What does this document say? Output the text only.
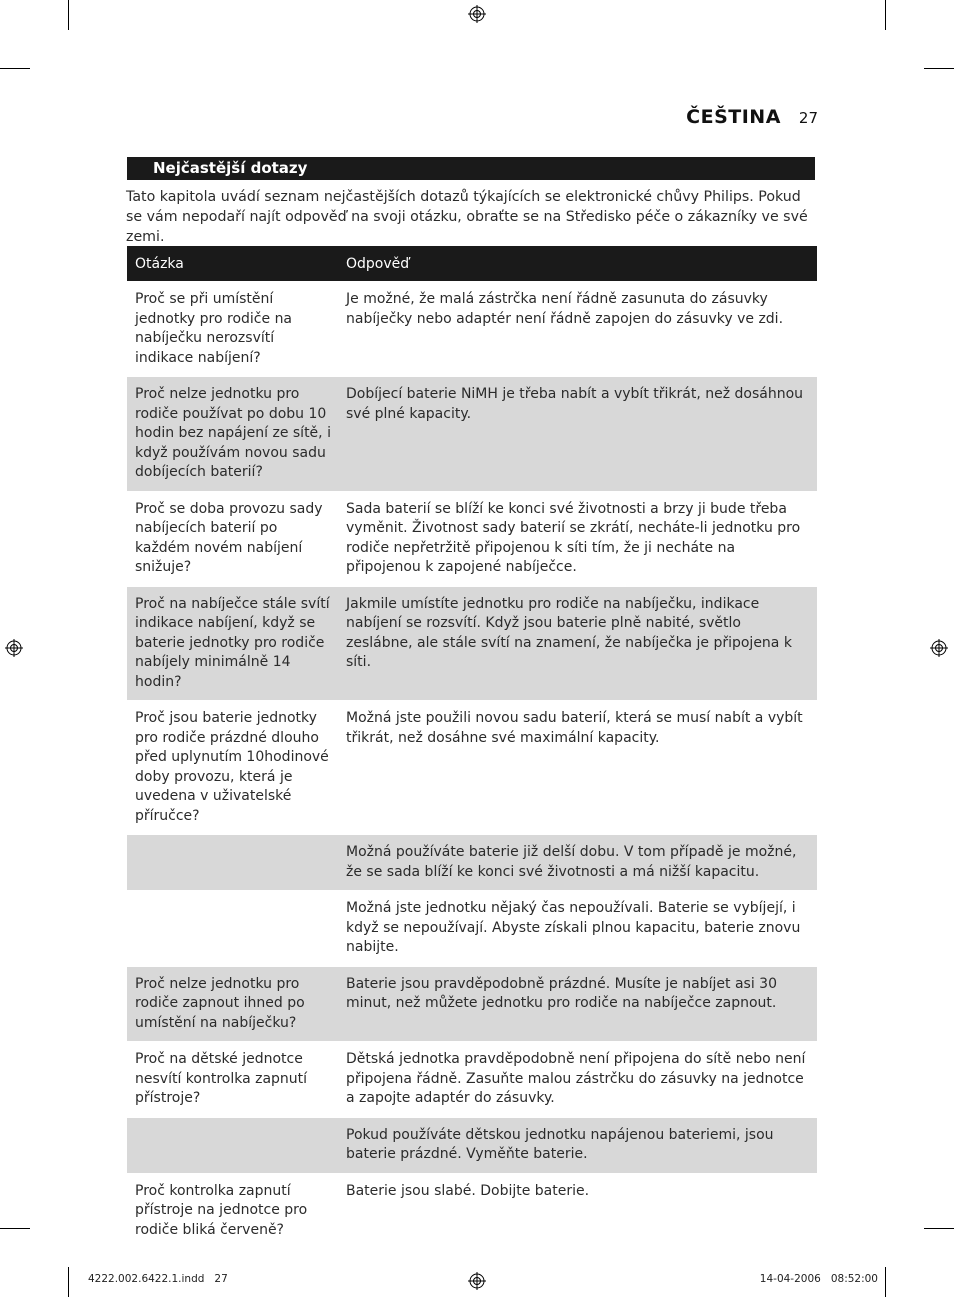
ČEŠTINA 27
Nejčastější dotazy
Tato kapitola uvádí seznam nejčastějších dotazů týkajících se elektronické chůvy Philips. Pokud se vám nepodaří najít odpověď na svoji otázku, obraťte se na Středisko péče o zákazníky ve své zemi.
Otázka	Odpověď
Proč se při umístění jednotky pro rodiče na nabíječku nerozsvítí indikace nabíjení?	Je možné, že malá zástrčka není řádně zasunuta do zásuvky nabíječky nebo adaptér není řádně zapojen do zásuvky ve zdi.
Proč nelze jednotku pro rodiče používat po dobu 10 hodin bez napájení ze sítě, i když používám novou sadu dobíjecích baterií?	Dobíjecí baterie NiMH je třeba nabít a vybít třikrát, než dosáhnou své plné kapacity.
Proč se doba provozu sady nabíjecích baterií po každém novém nabíjení snižuje?	Sada baterií se blíží ke konci své životnosti a brzy ji bude třeba vyměnit. Životnost sady baterií se zkrátí, necháte-li jednotku pro rodiče nepřetržitě připojenou k síti tím, že ji necháte na připojenou k zapojené nabíječce.
Proč na nabíječce stále svítí indikace nabíjení, když se baterie jednotky pro rodiče nabíjely minimálně 14 hodin?	Jakmile umístíte jednotku pro rodiče na nabíječku, indikace nabíjení se rozsvítí. Když jsou baterie plně nabité, světlo zeslábne, ale stále svítí na znamení, že nabíječka je připojena k síti.
Proč jsou baterie jednotky pro rodiče prázdné dlouho před uplynutím 10hodinové doby provozu, která je uvedena v uživatelské příručce?	Možná jste použili novou sadu baterií, která se musí nabít a vybít třikrát, než dosáhne své maximální kapacity.
	Možná používáte baterie již delší dobu. V tom případě je možné, že se sada blíží ke konci své životnosti a má nižší kapacitu.
	Možná jste jednotku nějaký čas nepoužívali. Baterie se vybíjejí, i když se nepoužívají. Abyste získali plnou kapacitu, baterie znovu nabijte.
Proč nelze jednotku pro rodiče zapnout ihned po umístění na nabíječku?	Baterie jsou pravděpodobně prázdné. Musíte je nabíjet asi 30 minut, než můžete jednotku pro rodiče na nabíječce zapnout.
Proč na dětské jednotce nesvítí kontrolka zapnutí přístroje?	Dětská jednotka pravděpodobně není připojena do sítě nebo není připojena řádně. Zasuňte malou zástrčku do zásuvky na jednotce a zapojte adaptér do zásuvky.
	Pokud používáte dětskou jednotku napájenou bateriemi, jsou baterie prázdné. Vyměňte baterie.
Proč kontrolka zapnutí přístroje na jednotce pro rodiče bliká červeně?	Baterie jsou slabé. Dobijte baterie.
4222.002.6422.1.indd   27	14-04-2006   08:52:00
